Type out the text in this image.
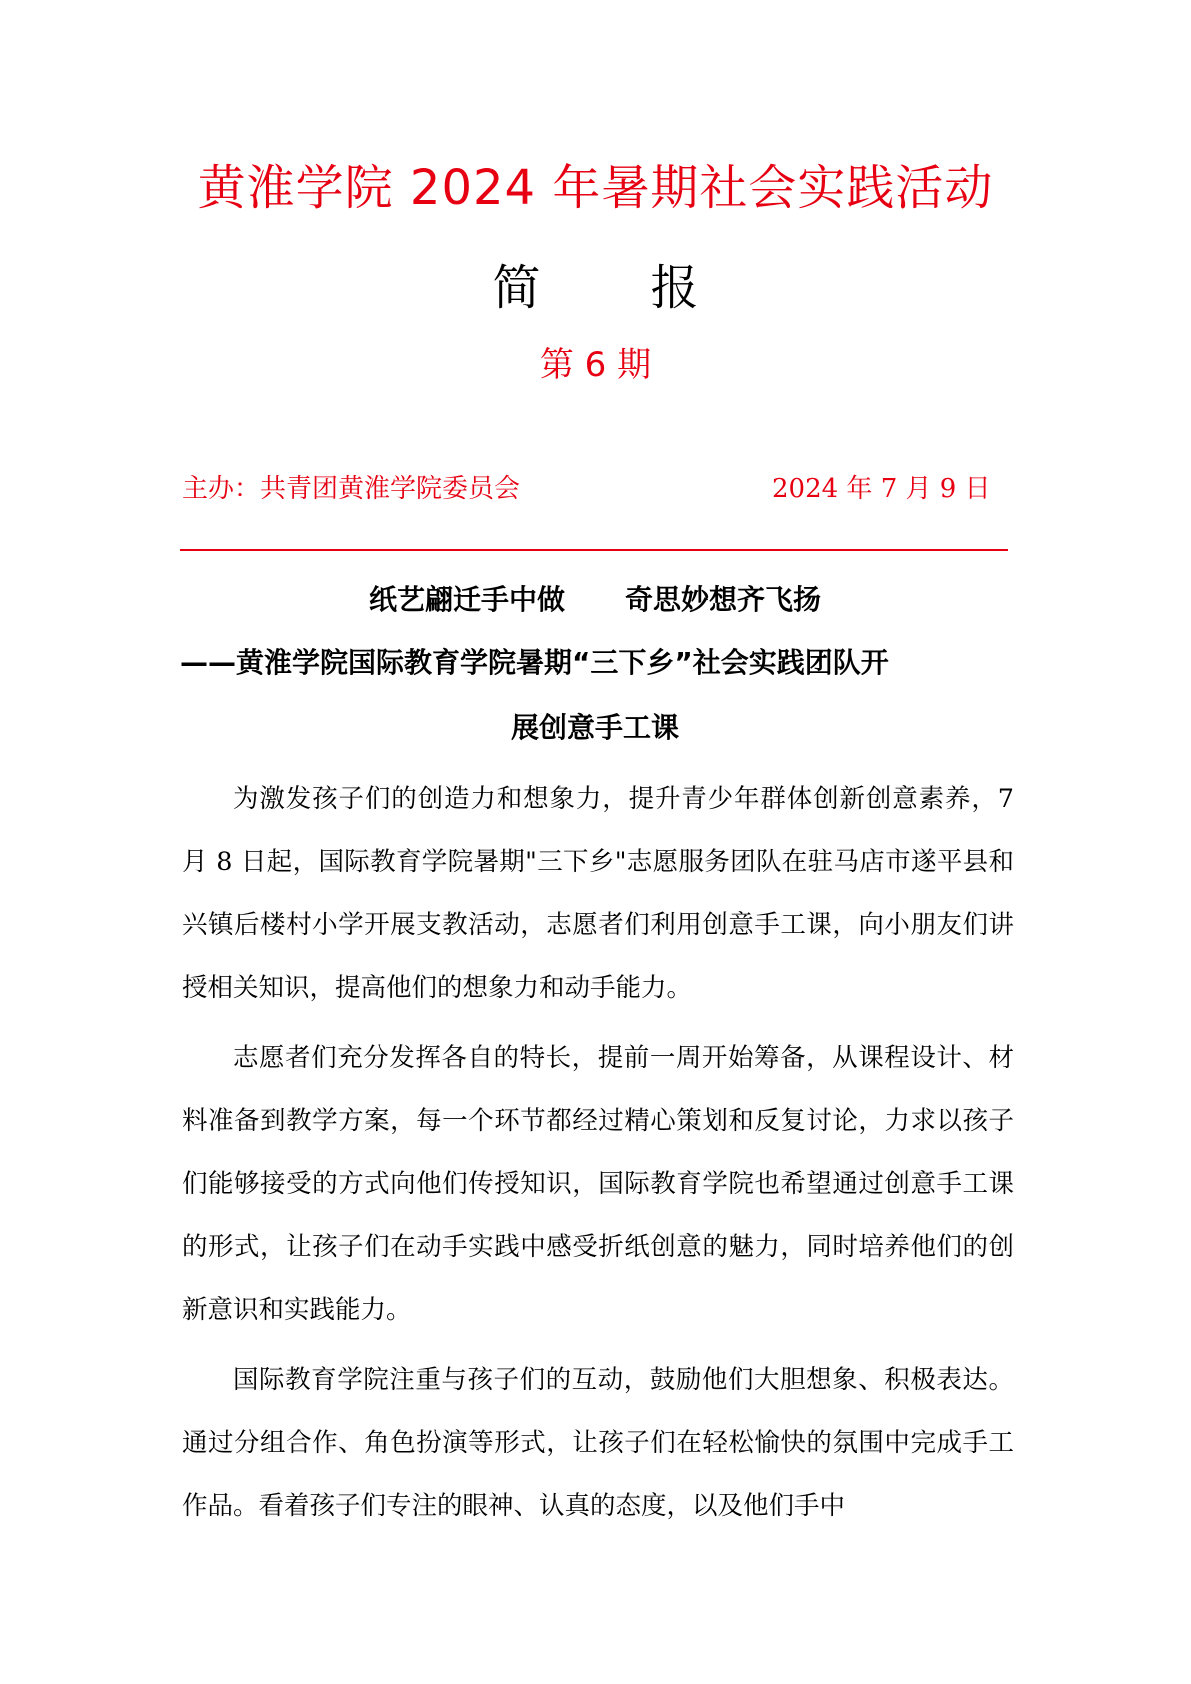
黄淮学院 2024 年暑期社会实践活动
简 报
第 6 期
主办：共青团黄淮学院委员会	2024 年 7 月 9 日
纸艺翩迁手中做 奇思妙想齐飞扬
——黄淮学院国际教育学院暑期“三下乡”社会实践团队开
展创意手工课

为激发孩子们的创造力和想象力，提升青少年群体创新创意素养，7 月 8 日起，国际教育学院暑期"三下乡"志愿服务团队在驻马店市遂平县和兴镇后楼村小学开展支教活动，志愿者们利用创意手工课，向小朋友们讲授相关知识，提高他们的想象力和动手能力。

志愿者们充分发挥各自的特长，提前一周开始筹备，从课程设计、材料准备到教学方案，每一个环节都经过精心策划和反复讨论，力求以孩子们能够接受的方式向他们传授知识，国际教育学院也希望通过创意手工课的形式，让孩子们在动手实践中感受折纸创意的魅力，同时培养他们的创新意识和实践能力。

国际教育学院注重与孩子们的互动，鼓励他们大胆想象、积极表达。通过分组合作、角色扮演等形式，让孩子们在轻松愉快的氛围中完成手工作品。看着孩子们专注的眼神、认真的态度，以及他们手中
